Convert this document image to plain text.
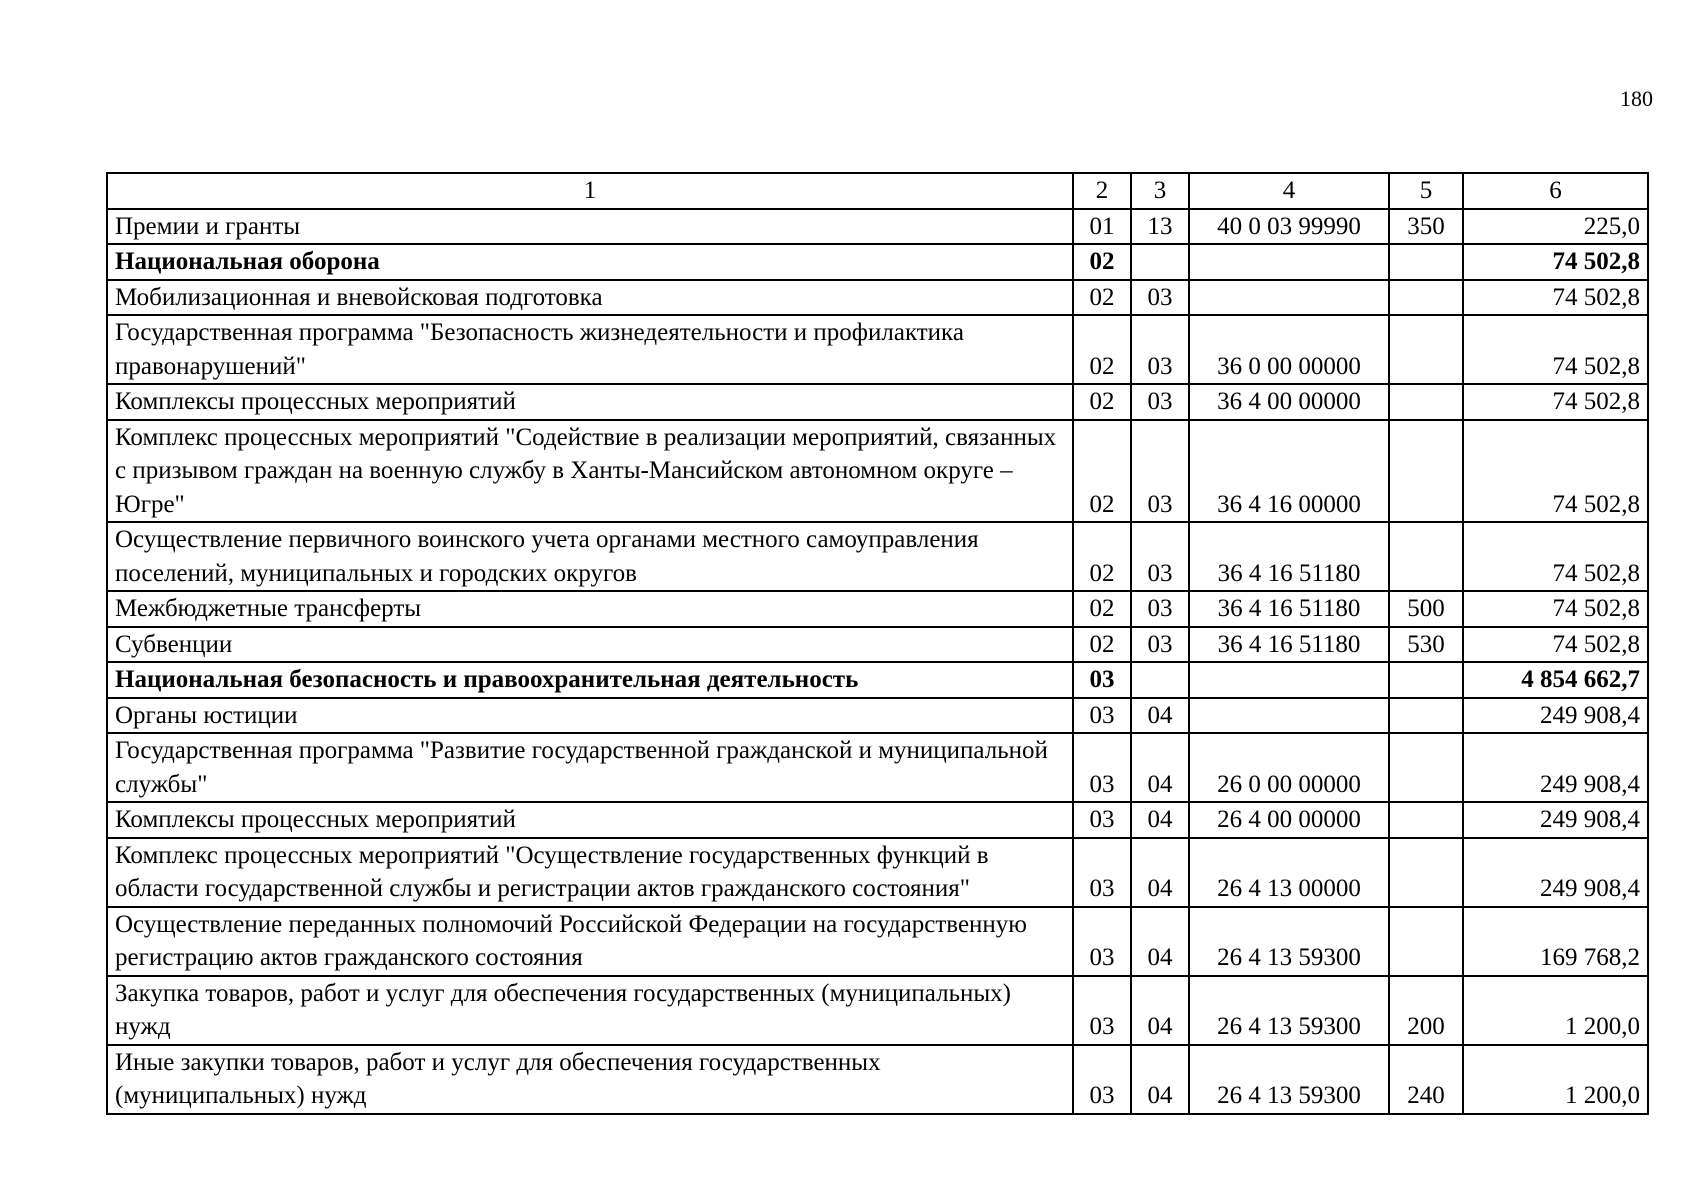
180
1	2	3	4	5	6
Премии и гранты	01	13	40 0 03 99990	350	225,0
Национальная оборона	02				74 502,8
Мобилизационная и вневойсковая подготовка	02	03			74 502,8
Государственная программа "Безопасность жизнедеятельности и профилактика правонарушений"	02	03	36 0 00 00000		74 502,8
Комплексы процессных мероприятий	02	03	36 4 00 00000		74 502,8
Комплекс процессных мероприятий "Содействие в реализации мероприятий, связанных с призывом граждан на военную службу в Ханты-Мансийском автономном округе – Югре"	02	03	36 4 16 00000		74 502,8
Осуществление первичного воинского учета органами местного самоуправления поселений, муниципальных и городских округов	02	03	36 4 16 51180		74 502,8
Межбюджетные трансферты	02	03	36 4 16 51180	500	74 502,8
Субвенции	02	03	36 4 16 51180	530	74 502,8
Национальная безопасность и правоохранительная деятельность	03				4 854 662,7
Органы юстиции	03	04			249 908,4
Государственная программа "Развитие государственной гражданской и муниципальной службы"	03	04	26 0 00 00000		249 908,4
Комплексы процессных мероприятий	03	04	26 4 00 00000		249 908,4
Комплекс процессных мероприятий "Осуществление государственных функций в области государственной службы и регистрации актов гражданского состояния"	03	04	26 4 13 00000		249 908,4
Осуществление переданных полномочий Российской Федерации на государственную регистрацию актов гражданского состояния	03	04	26 4 13 59300		169 768,2
Закупка товаров, работ и услуг для обеспечения государственных (муниципальных) нужд	03	04	26 4 13 59300	200	1 200,0
Иные закупки товаров, работ и услуг для обеспечения государственных (муниципальных) нужд	03	04	26 4 13 59300	240	1 200,0
